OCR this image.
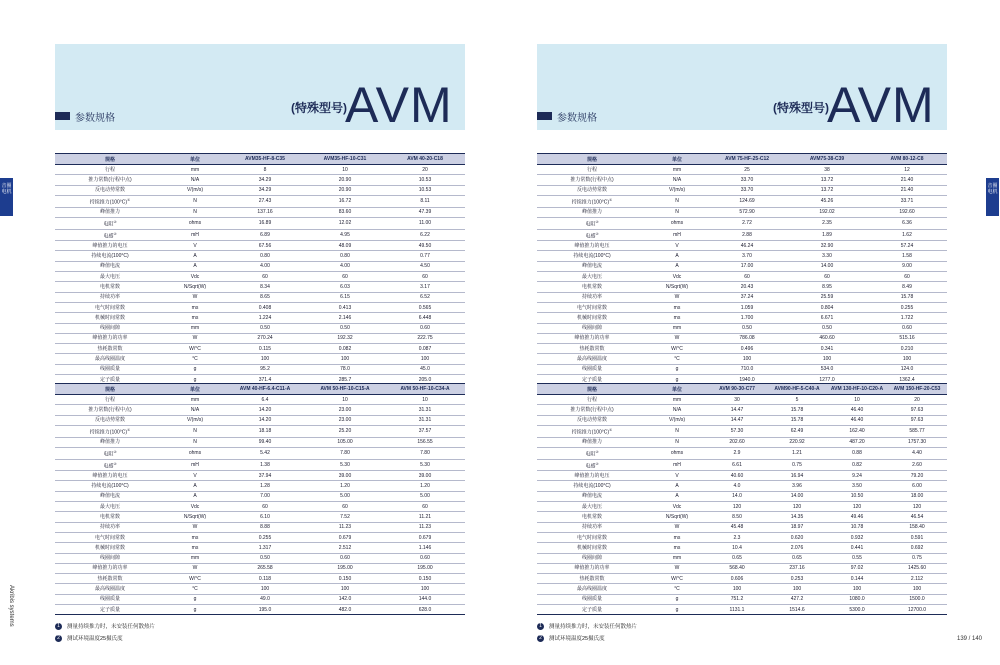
参数规格
(特殊型号)
AVM
音圈电机
Akribis systems
规格	单位	AVM35-HF-8-C35	AVM35-HF-10-C31	AVM 40-20-C18
行程	mm	8	10	20
推力常数(行程中点)	N/A	34.29	20.90	10.53
反电动势常数	V/(m/s)	34.29	20.90	10.53
持续推力(100°C)①	N	27.43	16.72	8.11
峰值推力	N	137.16	83.60	47.39
电阻②	ohms	16.89	12.02	11.00
电感②	mH	6.89	4.95	6.22
峰值推力的电压	V	67.56	48.09	49.50
持续电流(100°C)	A	0.80	0.80	0.77
峰值电流	A	4.00	4.00	4.50
最大电压	Vdc	60	60	60
电机常数	N/Sqrt(W)	8.34	6.03	3.17
持续功率	W	8.65	6.15	6.52
电气时间常数	ms	0.408	0.413	0.565
机械时间常数	ms	1.224	2.146	6.448
线圈间隙	mm	0.50	0.50	0.60
峰值推力的功率	W	270.24	192.32	222.75
热耗散常数	W/°C	0.115	0.082	0.087
最高线圈温度	°C	100	100	100
线圈质量	g	95.2	78.0	45.0
定子质量	g	371.4	285.7	205.0
规格	单位	AVM 40-HF-6.4-C11-A	AVM 50-HF-10-C15-A	AVM 50-HF-10-C34-A
行程	mm	6.4	10	10
推力常数(行程中点)	N/A	14.20	23.00	31.31
反电动势常数	V/(m/s)	14.20	23.00	31.31
持续推力(100°C)①	N	18.18	25.20	37.57
峰值推力	N	99.40	105.00	156.55
电阻②	ohms	5.42	7.80	7.80
电感②	mH	1.38	5.30	5.30
峰值推力的电压	V	37.94	39.00	39.00
持续电流(100°C)	A	1.28	1.20	1.20
峰值电流	A	7.00	5.00	5.00
最大电压	Vdc	60	60	60
电机常数	N/Sqrt(W)	6.10	7.52	11.21
持续功率	W	8.88	11.23	11.23
电气时间常数	ms	0.255	0.679	0.679
机械时间常数	ms	1.317	2.512	1.146
线圈间隙	mm	0.50	0.60	0.60
峰值推力的功率	W	265.58	195.00	195.00
热耗散常数	W/°C	0.118	0.150	0.150
最高线圈温度	°C	100	100	100
线圈质量	g	49.0	142.0	144.0
定子质量	g	195.0	482.0	628.0
1	测量持续推力时，未安装任何散热片
2	测试环境温度25摄氏度
参数规格
(特殊型号)
AVM
音圈电机
规格	单位	AVM 75-HF-25-C12	AVM75-38-C39	AVM 80-12-C8
行程	mm	25	38	12
推力常数(行程中点)	N/A	33.70	13.72	21.40
反电动势常数	V/(m/s)	33.70	13.72	21.40
持续推力(100°C)①	N	124.69	45.26	33.71
峰值推力	N	572.90	192.02	192.60
电阻②	ohms	2.72	2.35	6.36
电感②	mH	2.88	1.89	1.62
峰值推力的电压	V	46.24	32.90	57.24
持续电流(100°C)	A	3.70	3.30	1.58
峰值电流	A	17.00	14.00	9.00
最大电压	Vdc	60	60	60
电机常数	N/Sqrt(W)	20.43	8.95	8.49
持续功率	W	37.24	25.59	15.78
电气时间常数	ms	1.059	0.804	0.255
机械时间常数	ms	1.700	6.671	1.722
线圈间隙	mm	0.50	0.50	0.60
峰值推力的功率	W	786.08	460.60	515.16
热耗散常数	W/°C	0.496	0.341	0.210
最高线圈温度	°C	100	100	100
线圈质量	g	710.0	534.0	124.0
定子质量	g	1940.0	1277.0	1362.4
规格	单位	AVM 90-30-C77	AVM90-HF-5-C40-A	AVM 130-HF-10-C20-A	AVM 150-HF-20-C53
行程	mm	30	5	10	20
推力常数(行程中点)	N/A	14.47	15.78	46.40	97.63
反电动势常数	V/(m/s)	14.47	15.78	46.40	97.63
持续推力(100°C)①	N	57.30	62.49	162.40	585.77
峰值推力	N	202.60	220.92	487.20	1757.30
电阻②	ohms	2.9	1.21	0.88	4.40
电感②	mH	6.61	0.75	0.82	2.60
峰值推力的电压	V	40.60	16.94	9.24	79.20
持续电流(100°C)	A	4.0	3.96	3.50	6.00
峰值电流	A	14.0	14.00	10.50	18.00
最大电压	Vdc	120	120	120	120
电机常数	N/Sqrt(W)	8.50	14.35	49.46	46.54
持续功率	W	45.48	18.97	10.78	158.40
电气时间常数	ms	2.3	0.620	0.932	0.591
机械时间常数	ms	10.4	2.076	0.441	0.692
线圈间隙	mm	0.65	0.65	0.55	0.75
峰值推力的功率	W	568.40	237.16	97.02	1425.60
热耗散常数	W/°C	0.606	0.253	0.144	2.112
最高线圈温度	°C	100	100	100	100
线圈质量	g	751.2	427.2	1080.0	1500.0
定子质量	g	1131.1	1514.6	5300.0	12700.0
1	测量持续推力时，未安装任何散热片
2	测试环境温度25摄氏度	139 / 140
